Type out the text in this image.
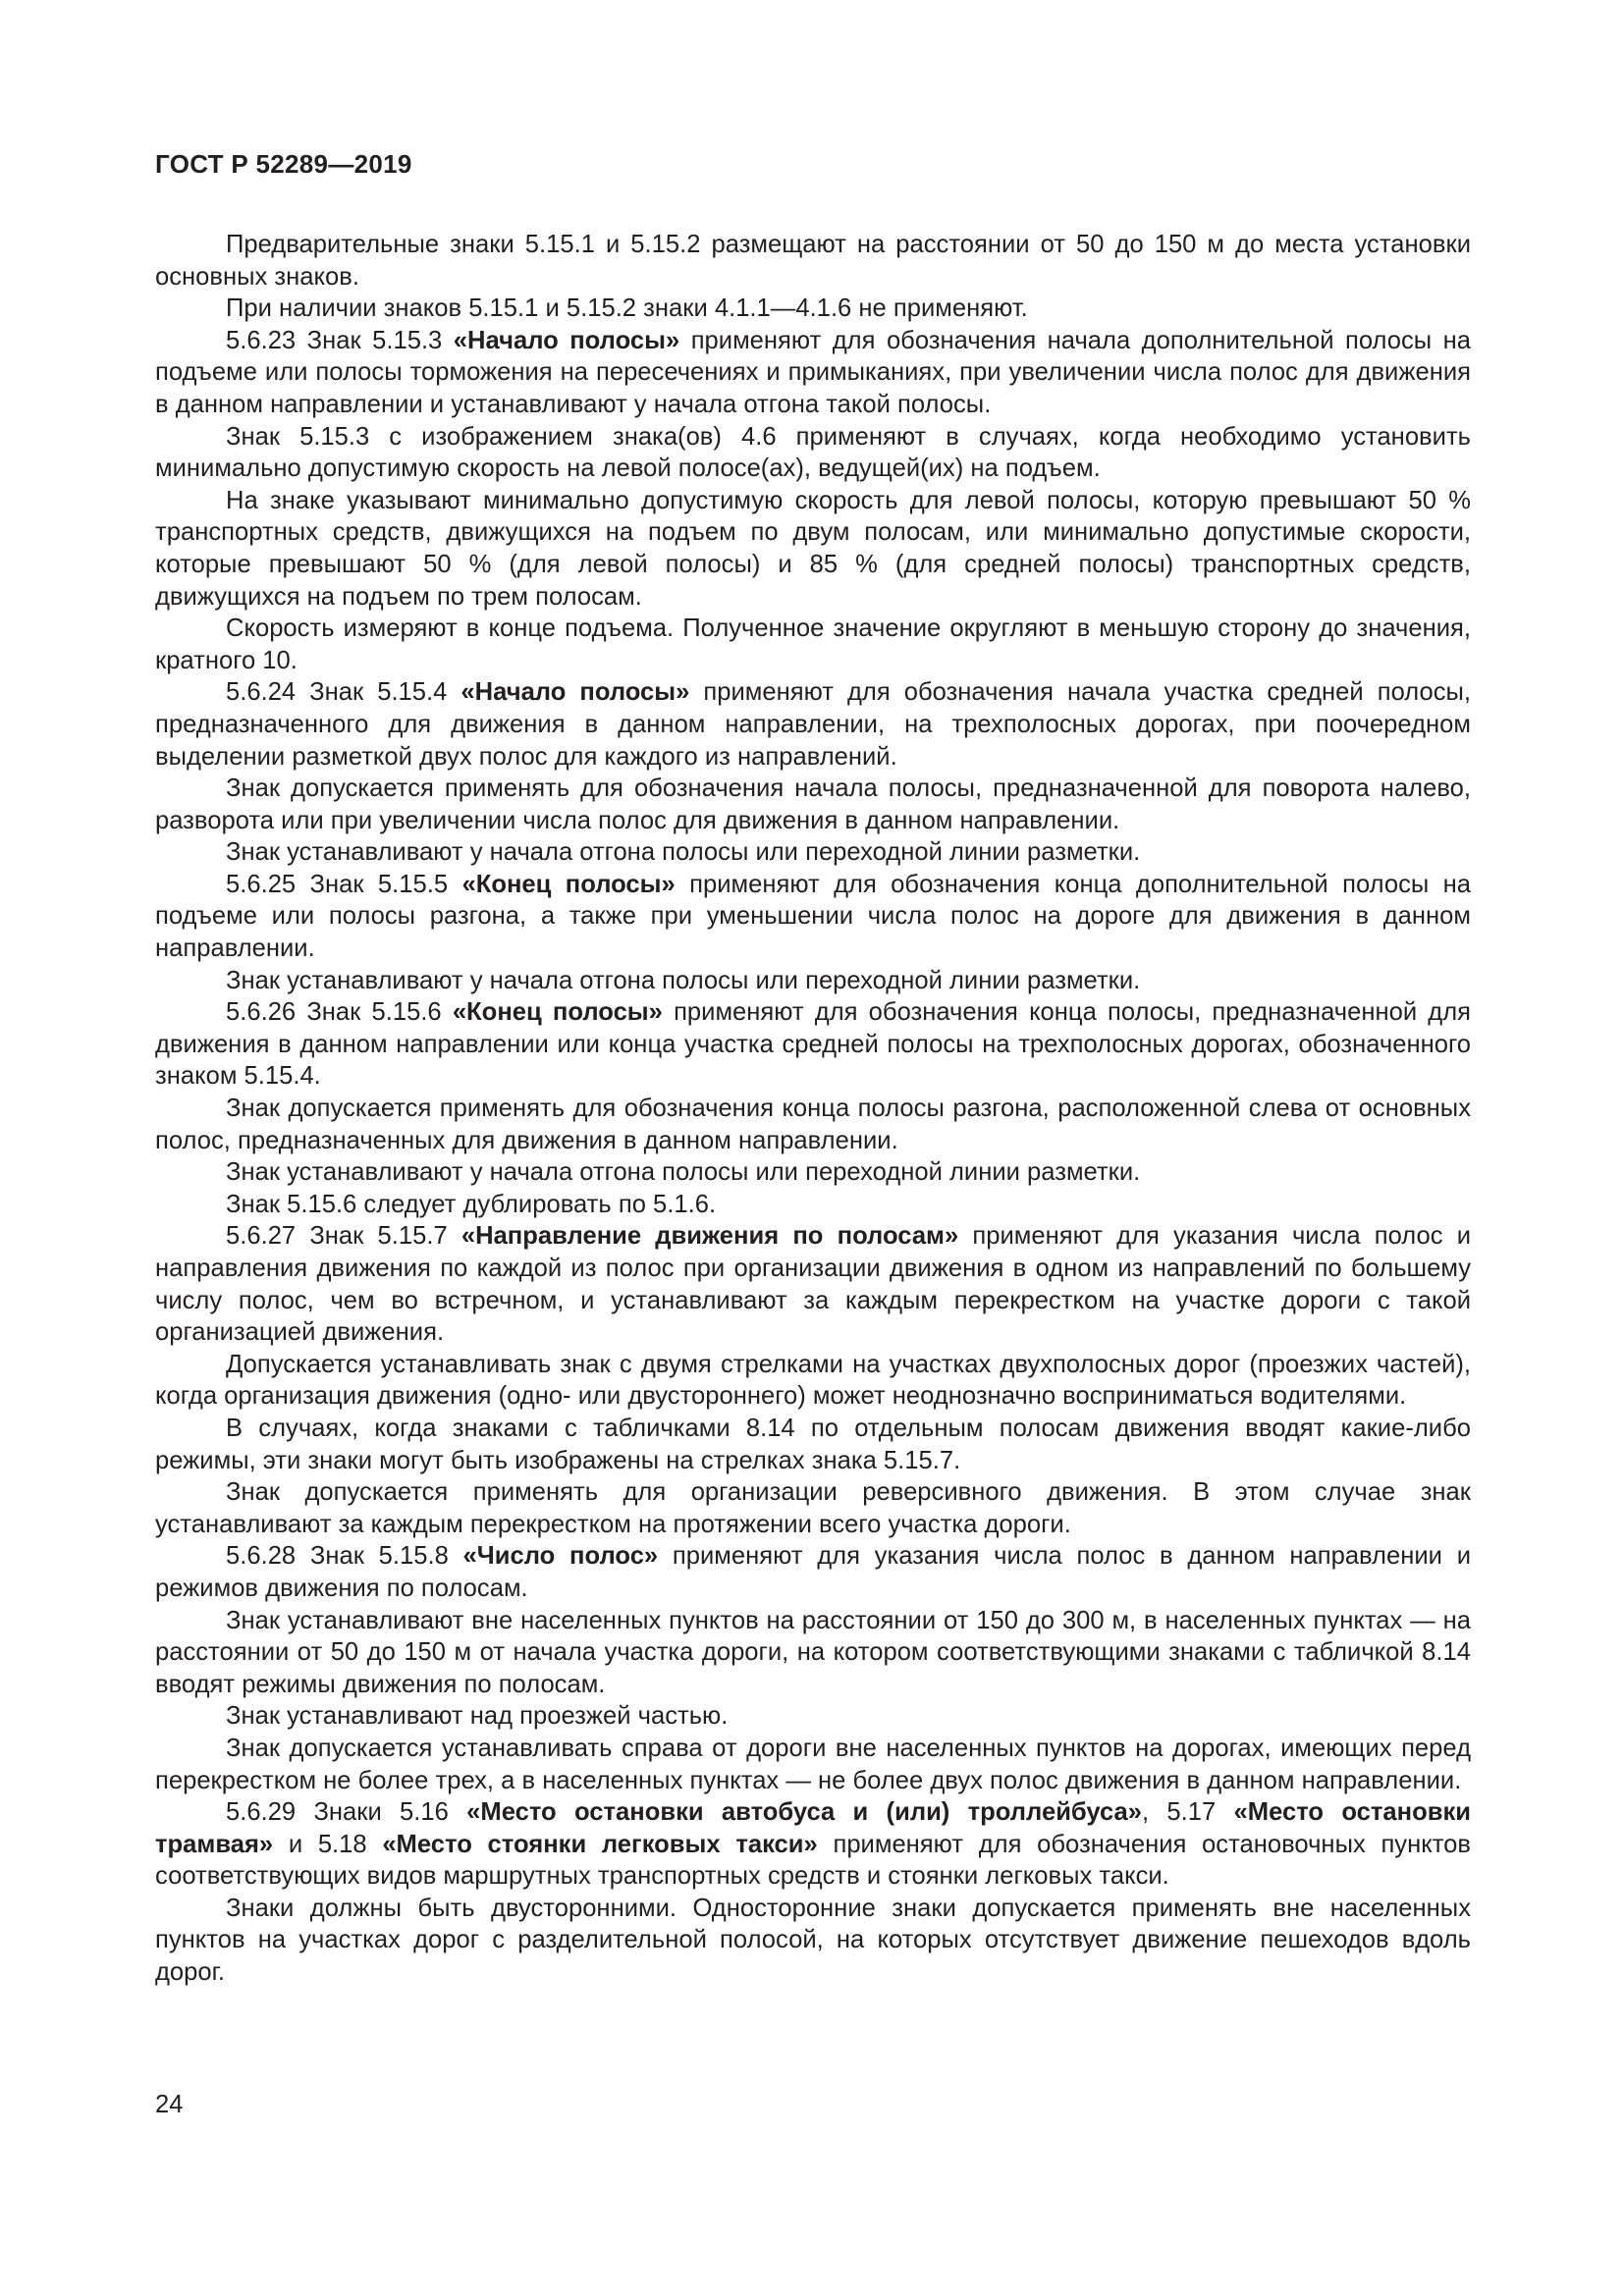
ГОСТ Р 52289—2019

Предварительные знаки 5.15.1 и 5.15.2 размещают на расстоянии от 50 до 150 м до места установки основных знаков.

При наличии знаков 5.15.1 и 5.15.2 знаки 4.1.1—4.1.6 не применяют.

5.6.23 Знак 5.15.3 «Начало полосы» применяют для обозначения начала дополнительной полосы на подъеме или полосы торможения на пересечениях и примыканиях, при увеличении числа полос для движения в данном направлении и устанавливают у начала отгона такой полосы.

Знак 5.15.3 с изображением знака(ов) 4.6 применяют в случаях, когда необходимо установить минимально допустимую скорость на левой полосе(ах), ведущей(их) на подъем.

На знаке указывают минимально допустимую скорость для левой полосы, которую превышают 50 % транспортных средств, движущихся на подъем по двум полосам, или минимально допустимые скорости, которые превышают 50 % (для левой полосы) и 85 % (для средней полосы) транспортных средств, движущихся на подъем по трем полосам.

Скорость измеряют в конце подъема. Полученное значение округляют в меньшую сторону до значения, кратного 10.

5.6.24 Знак 5.15.4 «Начало полосы» применяют для обозначения начала участка средней полосы, предназначенного для движения в данном направлении, на трехполосных дорогах, при поочередном выделении разметкой двух полос для каждого из направлений.

Знак допускается применять для обозначения начала полосы, предназначенной для поворота налево, разворота или при увеличении числа полос для движения в данном направлении.

Знак устанавливают у начала отгона полосы или переходной линии разметки.

5.6.25 Знак 5.15.5 «Конец полосы» применяют для обозначения конца дополнительной полосы на подъеме или полосы разгона, а также при уменьшении числа полос на дороге для движения в данном направлении.

Знак устанавливают у начала отгона полосы или переходной линии разметки.

5.6.26 Знак 5.15.6 «Конец полосы» применяют для обозначения конца полосы, предназначенной для движения в данном направлении или конца участка средней полосы на трехполосных дорогах, обозначенного знаком 5.15.4.

Знак допускается применять для обозначения конца полосы разгона, расположенной слева от основных полос, предназначенных для движения в данном направлении.

Знак устанавливают у начала отгона полосы или переходной линии разметки.

Знак 5.15.6 следует дублировать по 5.1.6.

5.6.27 Знак 5.15.7 «Направление движения по полосам» применяют для указания числа полос и направления движения по каждой из полос при организации движения в одном из направлений по большему числу полос, чем во встречном, и устанавливают за каждым перекрестком на участке дороги с такой организацией движения.

Допускается устанавливать знак с двумя стрелками на участках двухполосных дорог (проезжих частей), когда организация движения (одно- или двустороннего) может неоднозначно восприниматься водителями.

В случаях, когда знаками с табличками 8.14 по отдельным полосам движения вводят какие-либо режимы, эти знаки могут быть изображены на стрелках знака 5.15.7.

Знак допускается применять для организации реверсивного движения. В этом случае знак устанавливают за каждым перекрестком на протяжении всего участка дороги.

5.6.28 Знак 5.15.8 «Число полос» применяют для указания числа полос в данном направлении и режимов движения по полосам.

Знак устанавливают вне населенных пунктов на расстоянии от 150 до 300 м, в населенных пунктах — на расстоянии от 50 до 150 м от начала участка дороги, на котором соответствующими знаками с табличкой 8.14 вводят режимы движения по полосам.

Знак устанавливают над проезжей частью.

Знак допускается устанавливать справа от дороги вне населенных пунктов на дорогах, имеющих перед перекрестком не более трех, а в населенных пунктах — не более двух полос движения в данном направлении.

5.6.29 Знаки 5.16 «Место остановки автобуса и (или) троллейбуса», 5.17 «Место остановки трамвая» и 5.18 «Место стоянки легковых такси» применяют для обозначения остановочных пунктов соответствующих видов маршрутных транспортных средств и стоянки легковых такси.

Знаки должны быть двусторонними. Односторонние знаки допускается применять вне населенных пунктов на участках дорог с разделительной полосой, на которых отсутствует движение пешеходов вдоль дорог.

24
